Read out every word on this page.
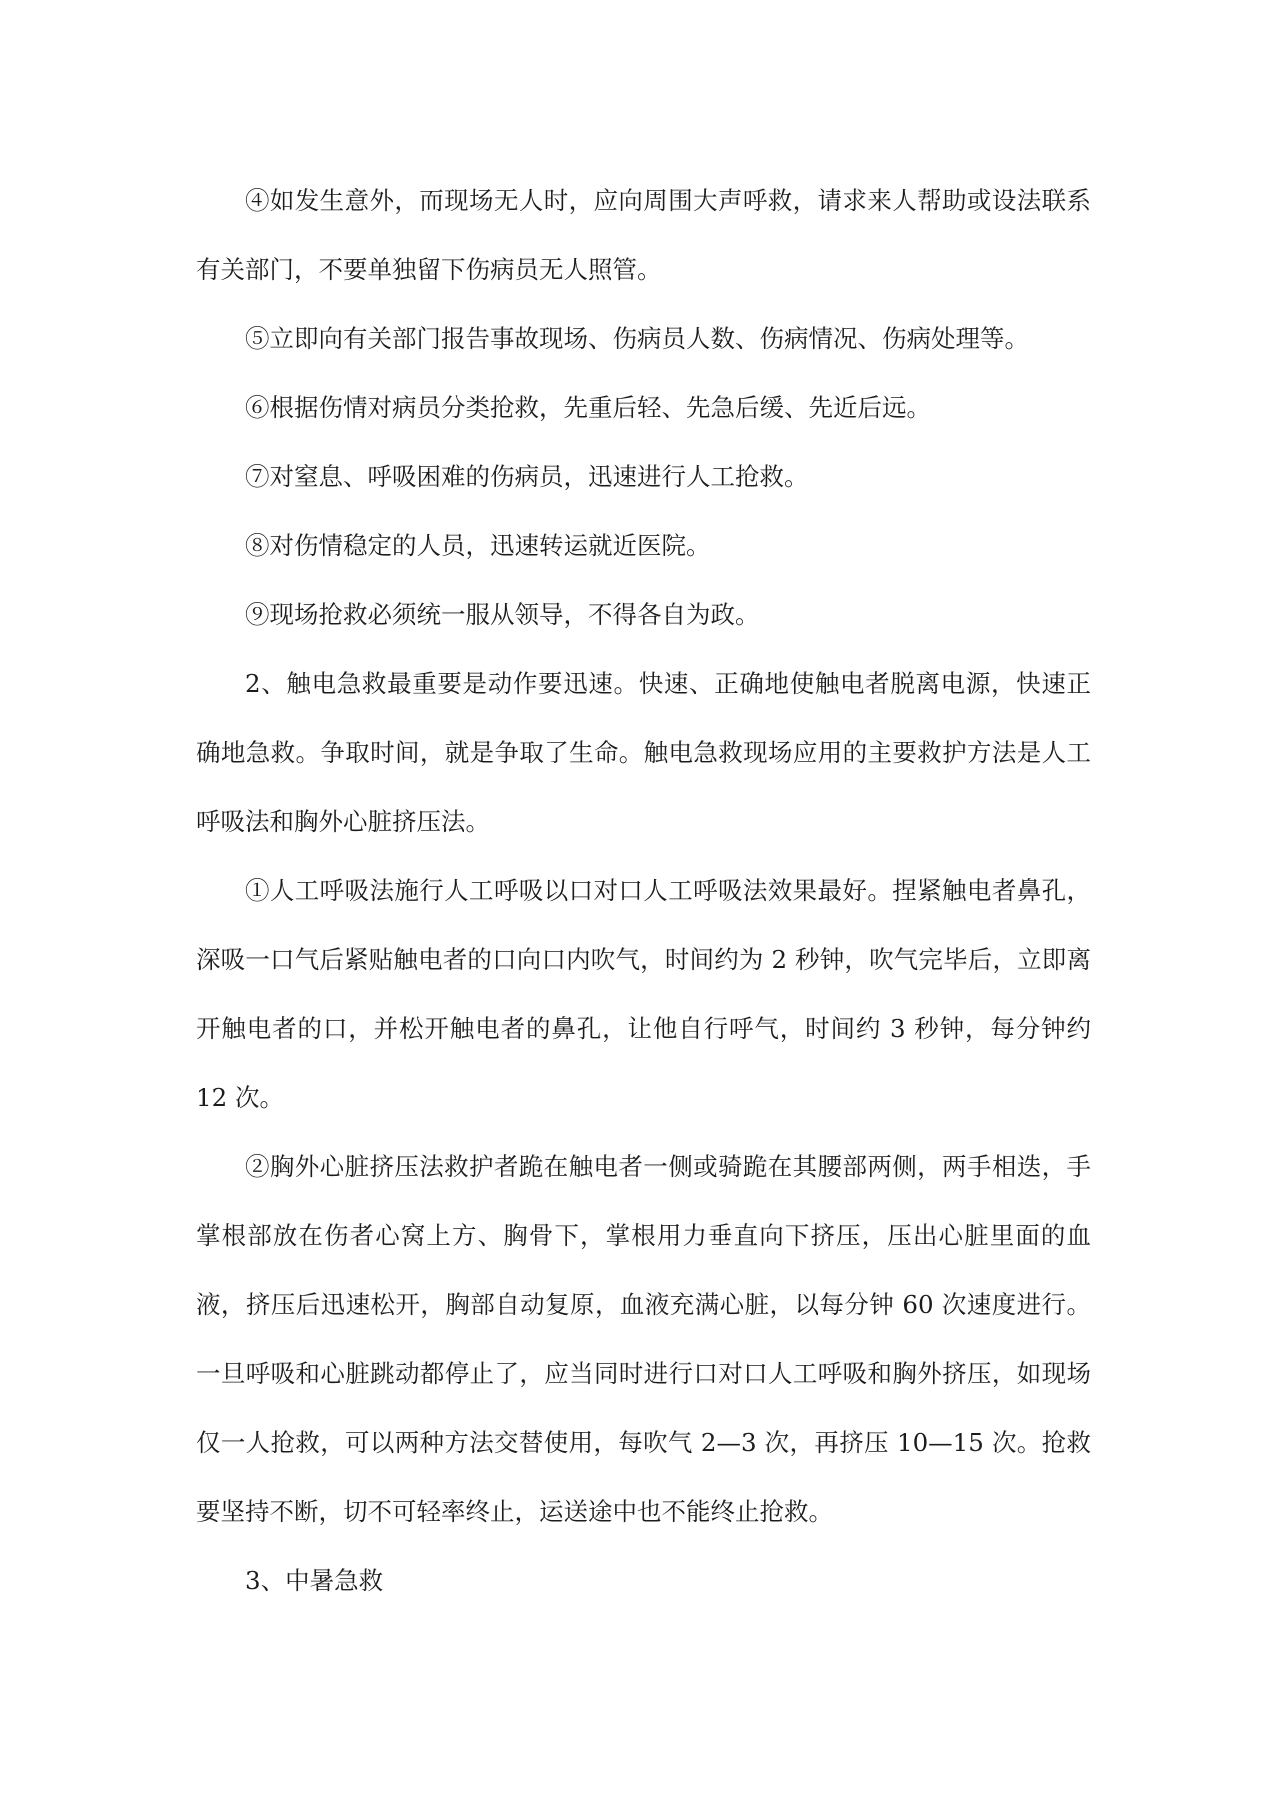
④如发生意外，而现场无人时，应向周围大声呼救，请求来人帮助或设法联系有关部门，不要单独留下伤病员无人照管。

⑤立即向有关部门报告事故现场、伤病员人数、伤病情况、伤病处理等。

⑥根据伤情对病员分类抢救，先重后轻、先急后缓、先近后远。

⑦对窒息、呼吸困难的伤病员，迅速进行人工抢救。

⑧对伤情稳定的人员，迅速转运就近医院。

⑨现场抢救必须统一服从领导，不得各自为政。

2、触电急救最重要是动作要迅速。快速、正确地使触电者脱离电源，快速正确地急救。争取时间，就是争取了生命。触电急救现场应用的主要救护方法是人工呼吸法和胸外心脏挤压法。

①人工呼吸法施行人工呼吸以口对口人工呼吸法效果最好。捏紧触电者鼻孔，深吸一口气后紧贴触电者的口向口内吹气，时间约为 2 秒钟，吹气完毕后，立即离开触电者的口，并松开触电者的鼻孔，让他自行呼气，时间约 3 秒钟，每分钟约 12 次。

②胸外心脏挤压法救护者跪在触电者一侧或骑跪在其腰部两侧，两手相迭，手掌根部放在伤者心窝上方、胸骨下，掌根用力垂直向下挤压，压出心脏里面的血液，挤压后迅速松开，胸部自动复原，血液充满心脏，以每分钟 60 次速度进行。一旦呼吸和心脏跳动都停止了，应当同时进行口对口人工呼吸和胸外挤压，如现场仅一人抢救，可以两种方法交替使用，每吹气 2—3 次，再挤压 10—15 次。抢救要坚持不断，切不可轻率终止，运送途中也不能终止抢救。

3、中暑急救
